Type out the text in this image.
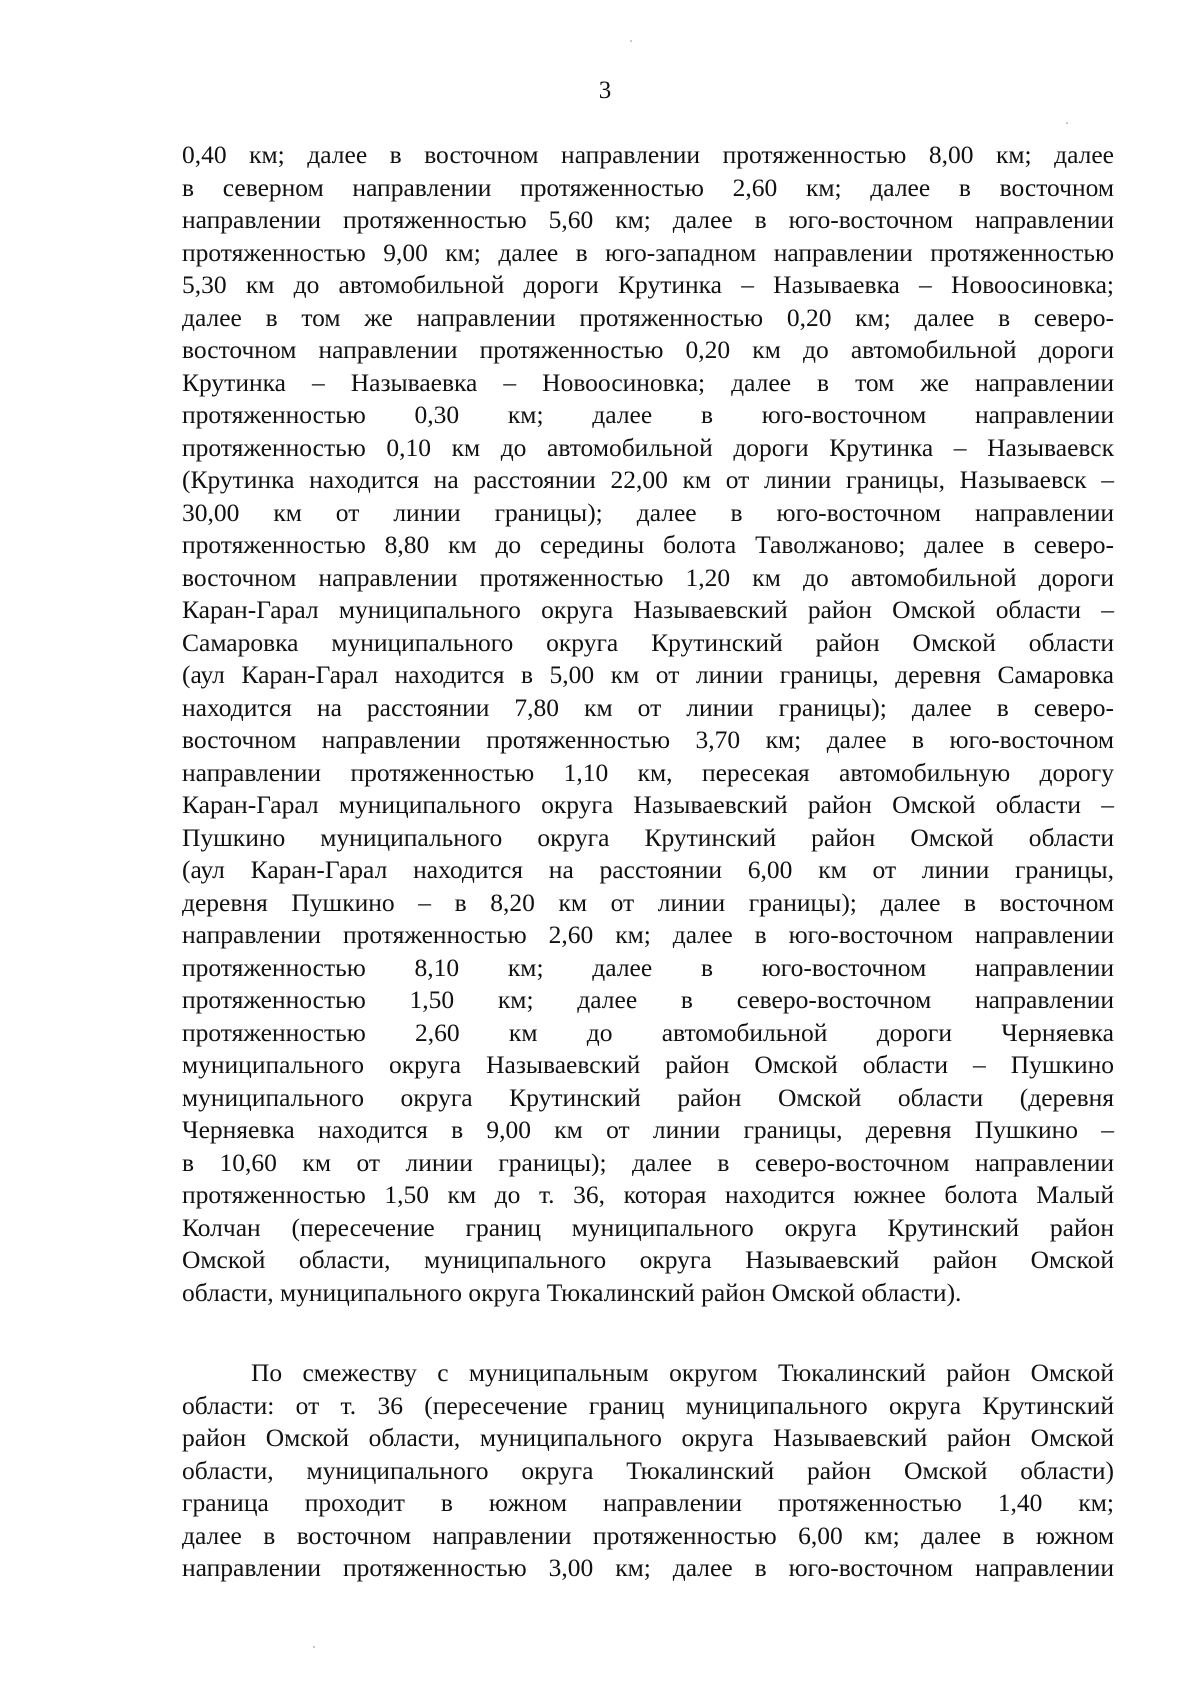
3
0,40 км; далее в восточном направлении протяженностью 8,00 км; далее
в северном направлении протяженностью 2,60 км; далее в восточном
направлении протяженностью 5,60 км; далее в юго-восточном направлении
протяженностью 9,00 км; далее в юго-западном направлении протяженностью
5,30 км до автомобильной дороги Крутинка – Называевка – Новоосиновка;
далее в том же направлении протяженностью 0,20 км; далее в северо-
восточном направлении протяженностью 0,20 км до автомобильной дороги
Крутинка – Называевка – Новоосиновка; далее в том же направлении
протяженностью 0,30 км; далее в юго-восточном направлении
протяженностью 0,10 км до автомобильной дороги Крутинка – Называевск
(Крутинка находится на расстоянии 22,00 км от линии границы, Называевск –
30,00 км от линии границы); далее в юго-восточном направлении
протяженностью 8,80 км до середины болота Таволжаново; далее в северо-
восточном направлении протяженностью 1,20 км до автомобильной дороги
Каран-Гарал муниципального округа Называевский район Омской области –
Самаровка муниципального округа Крутинский район Омской области
(аул Каран-Гарал находится в 5,00 км от линии границы, деревня Самаровка
находится на расстоянии 7,80 км от линии границы); далее в северо-
восточном направлении протяженностью 3,70 км; далее в юго-восточном
направлении протяженностью 1,10 км, пересекая автомобильную дорогу
Каран-Гарал муниципального округа Называевский район Омской области –
Пушкино муниципального округа Крутинский район Омской области
(аул Каран-Гарал находится на расстоянии 6,00 км от линии границы,
деревня Пушкино – в 8,20 км от линии границы); далее в восточном
направлении протяженностью 2,60 км; далее в юго-восточном направлении
протяженностью 8,10 км; далее в юго-восточном направлении
протяженностью 1,50 км; далее в северо-восточном направлении
протяженностью 2,60 км до автомобильной дороги Черняевка
муниципального округа Называевский район Омской области – Пушкино
муниципального округа Крутинский район Омской области (деревня
Черняевка находится в 9,00 км от линии границы, деревня Пушкино –
в 10,60 км от линии границы); далее в северо-восточном направлении
протяженностью 1,50 км до т. 36, которая находится южнее болота Малый
Колчан (пересечение границ муниципального округа Крутинский район
Омской области, муниципального округа Называевский район Омской
области, муниципального округа Тюкалинский район Омской области).
По смежеству с муниципальным округом Тюкалинский район Омской
области: от т. 36 (пересечение границ муниципального округа Крутинский
район Омской области, муниципального округа Называевский район Омской
области, муниципального округа Тюкалинский район Омской области)
граница проходит в южном направлении протяженностью 1,40 км;
далее в восточном направлении протяженностью 6,00 км; далее в южном
направлении протяженностью 3,00 км; далее в юго-восточном направлении
